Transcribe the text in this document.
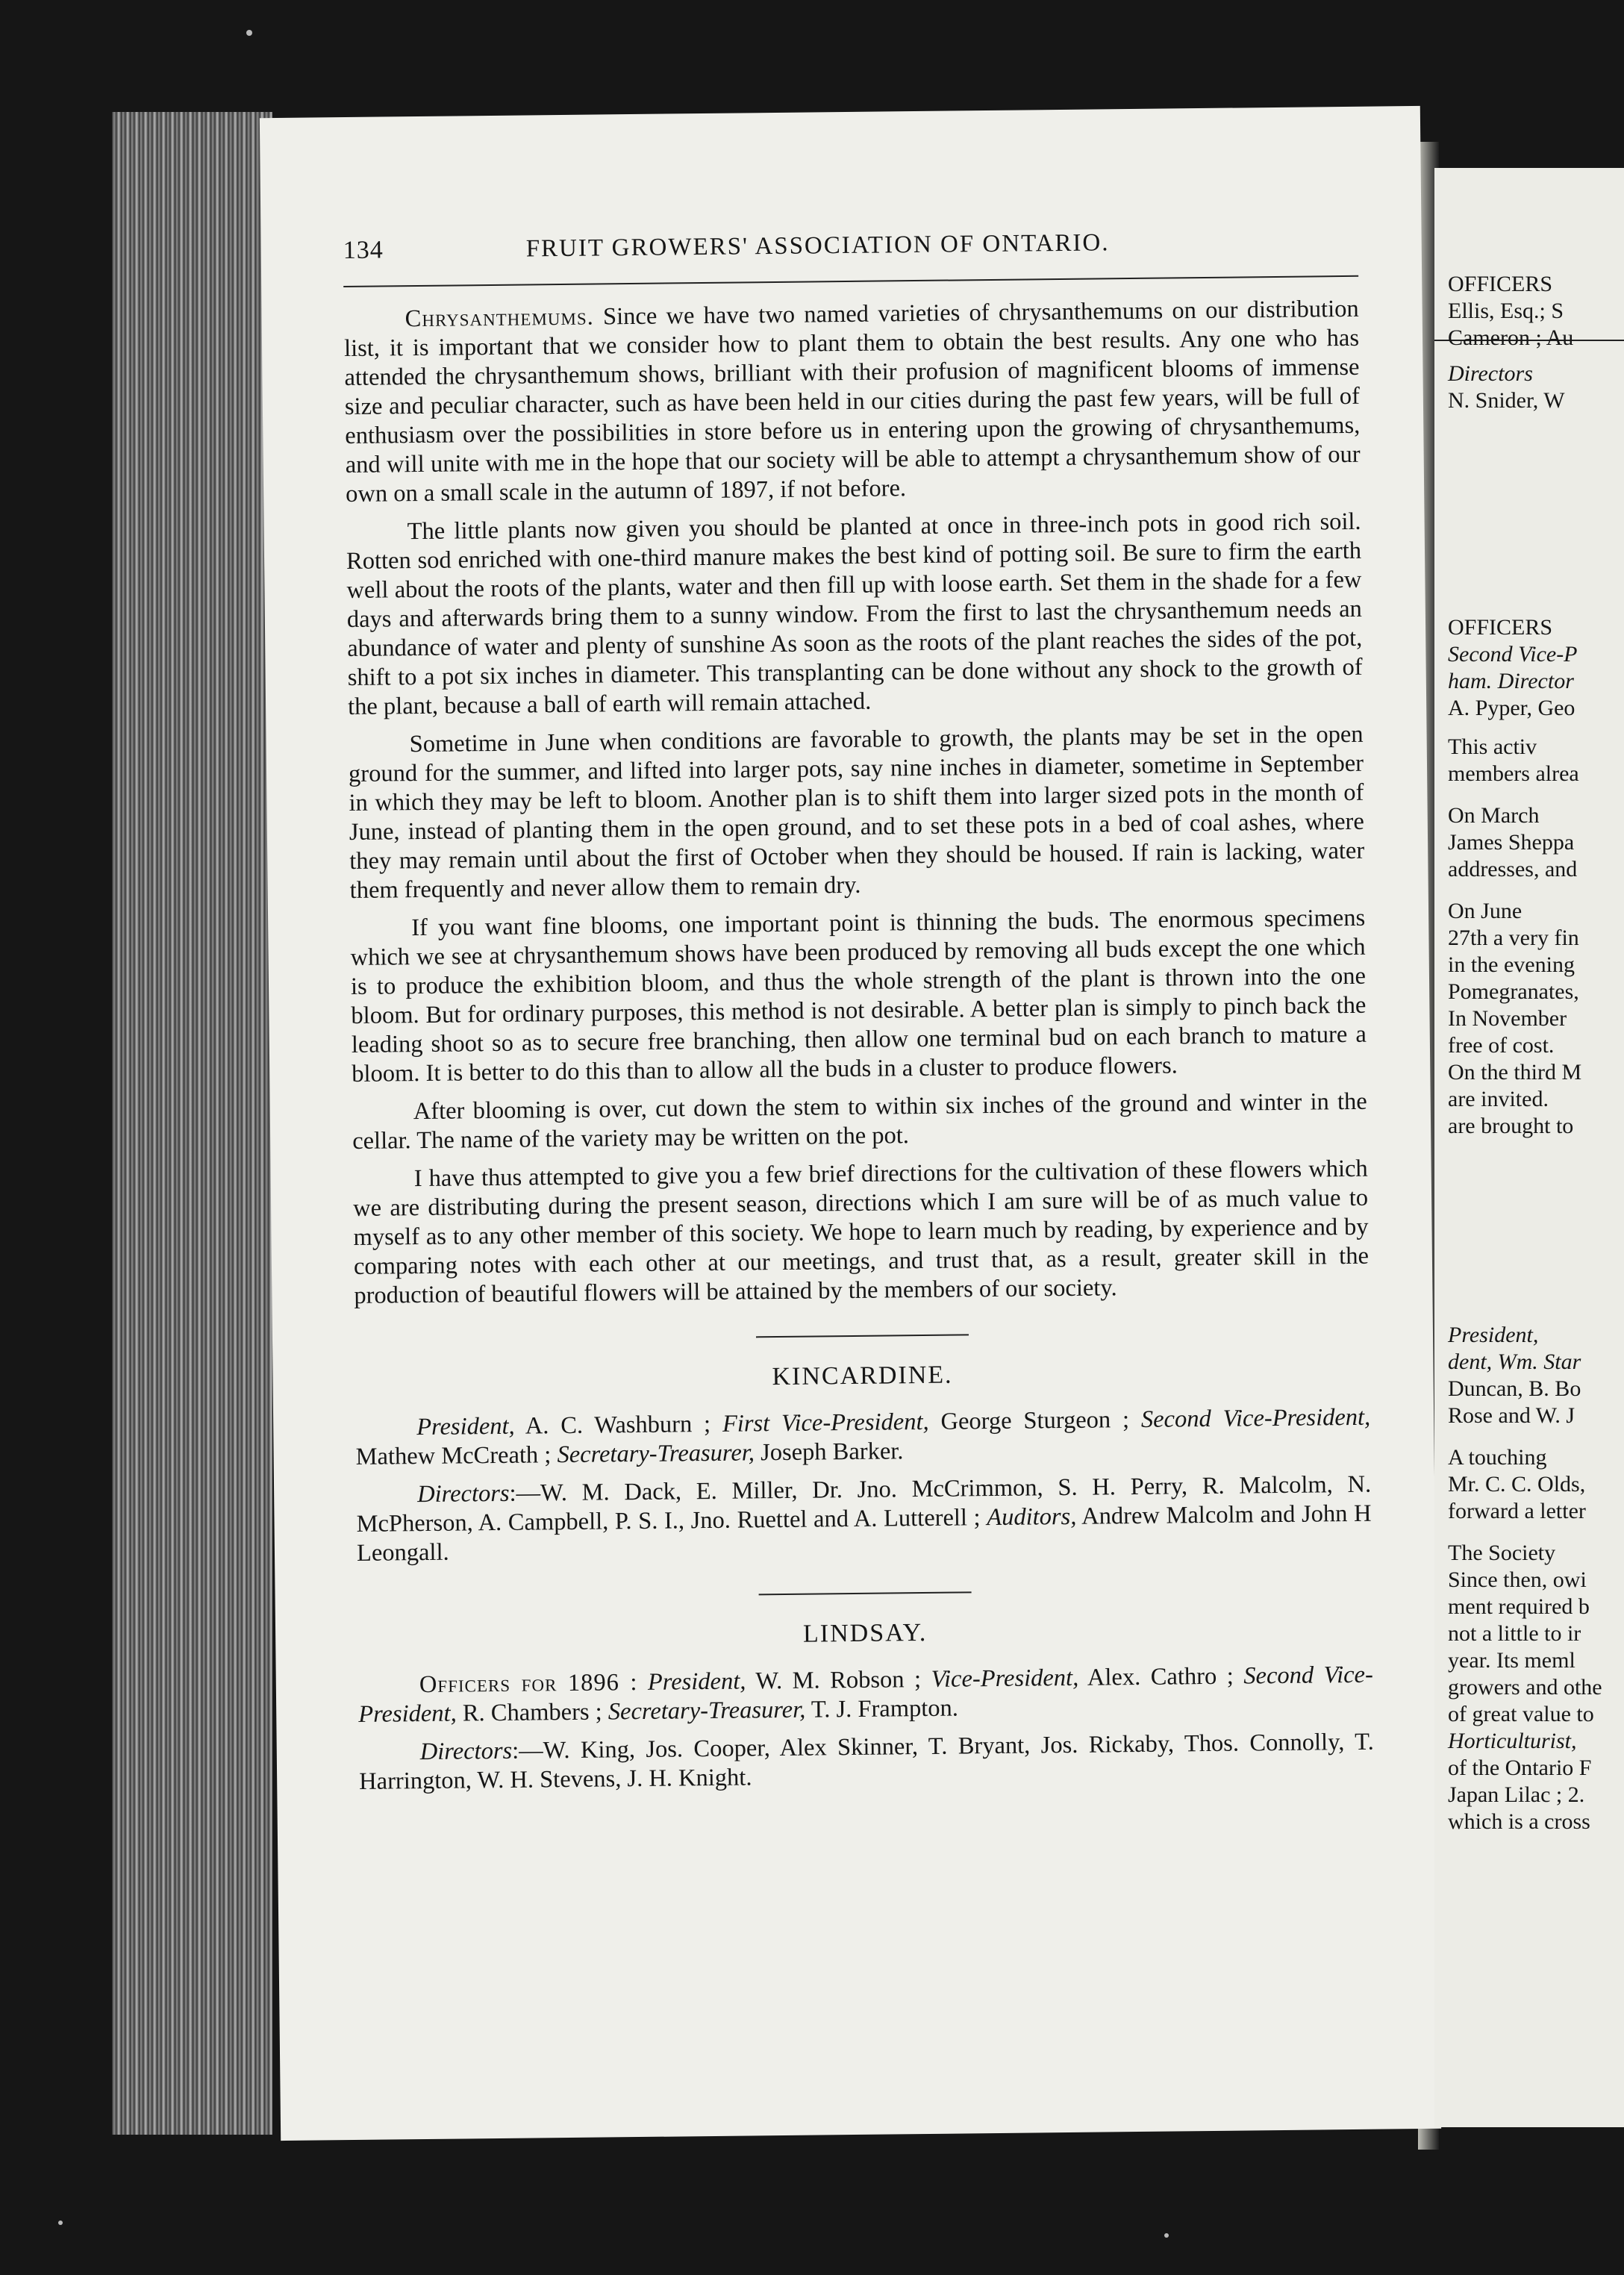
134	FRUIT GROWERS' ASSOCIATION OF ONTARIO.

Chrysanthemums. Since we have two named varieties of chrysanthemums on our distribution list, it is important that we consider how to plant them to obtain the best results. Any one who has attended the chrysanthemum shows, brilliant with their profusion of magnificent blooms of immense size and peculiar character, such as have been held in our cities during the past few years, will be full of enthusiasm over the possibilities in store before us in entering upon the growing of chrysanthemums, and will unite with me in the hope that our society will be able to attempt a chrysanthemum show of our own on a small scale in the autumn of 1897, if not before.

The little plants now given you should be planted at once in three-inch pots in good rich soil. Rotten sod enriched with one-third manure makes the best kind of potting soil. Be sure to firm the earth well about the roots of the plants, water and then fill up with loose earth. Set them in the shade for a few days and afterwards bring them to a sunny window. From the first to last the chrysanthemum needs an abundance of water and plenty of sunshine As soon as the roots of the plant reaches the sides of the pot, shift to a pot six inches in diameter. This transplanting can be done without any shock to the growth of the plant, because a ball of earth will remain attached.

Sometime in June when conditions are favorable to growth, the plants may be set in the open ground for the summer, and lifted into larger pots, say nine inches in diameter, sometime in September in which they may be left to bloom. Another plan is to shift them into larger sized pots in the month of June, instead of planting them in the open ground, and to set these pots in a bed of coal ashes, where they may remain until about the first of October when they should be housed. If rain is lacking, water them frequently and never allow them to remain dry.

If you want fine blooms, one important point is thinning the buds. The enormous specimens which we see at chrysanthemum shows have been produced by removing all buds except the one which is to produce the exhibition bloom, and thus the whole strength of the plant is thrown into the one bloom. But for ordinary purposes, this method is not desirable. A better plan is simply to pinch back the leading shoot so as to secure free branching, then allow one terminal bud on each branch to mature a bloom. It is better to do this than to allow all the buds in a cluster to produce flowers.

After blooming is over, cut down the stem to within six inches of the ground and winter in the cellar. The name of the variety may be written on the pot.

I have thus attempted to give you a few brief directions for the cultivation of these flowers which we are distributing during the present season, directions which I am sure will be of as much value to myself as to any other member of this society. We hope to learn much by reading, by experience and by comparing notes with each other at our meetings, and trust that, as a result, greater skill in the production of beautiful flowers will be attained by the members of our society.

KINCARDINE.

President, A. C. Washburn ; First Vice-President, George Sturgeon ; Second Vice-President, Mathew McCreath ; Secretary-Treasurer, Joseph Barker.

Directors:—W. M. Dack, E. Miller, Dr. Jno. McCrimmon, S. H. Perry, R. Malcolm, N. McPherson, A. Campbell, P. S. I., Jno. Ruettel and A. Lutterell ; Auditors, Andrew Malcolm and John H Leongall.

LINDSAY.

Officers for 1896 : President, W. M. Robson ; Vice-President, Alex. Cathro ; Second Vice-President, R. Chambers ; Secretary-Treasurer, T. J. Frampton.

Directors:—W. King, Jos. Cooper, Alex Skinner, T. Bryant, Jos. Rickaby, Thos. Connolly, T. Harrington, W. H. Stevens, J. H. Knight.

OFFICERS
Ellis, Esq.; S
Cameron ; Au
Directors
N. Snider, W
OFFICERS
Second Vice-P
ham. Director
A. Pyper, Geo
This activ
members alrea
On March
James Sheppa
addresses, and
On June
27th a very fin
in the evening
Pomegranates,
In November
free of cost.
On the third M
are invited.
are brought to
President,
dent, Wm. Star
Duncan, B. Bo
Rose and W. J
A touching
Mr. C. C. Olds,
forward a letter
The Society
Since then, owi
ment required b
not a little to ir
year. Its meml
growers and othe
of great value to
Horticulturist,
of the Ontario F
Japan Lilac ; 2.
which is a cross
